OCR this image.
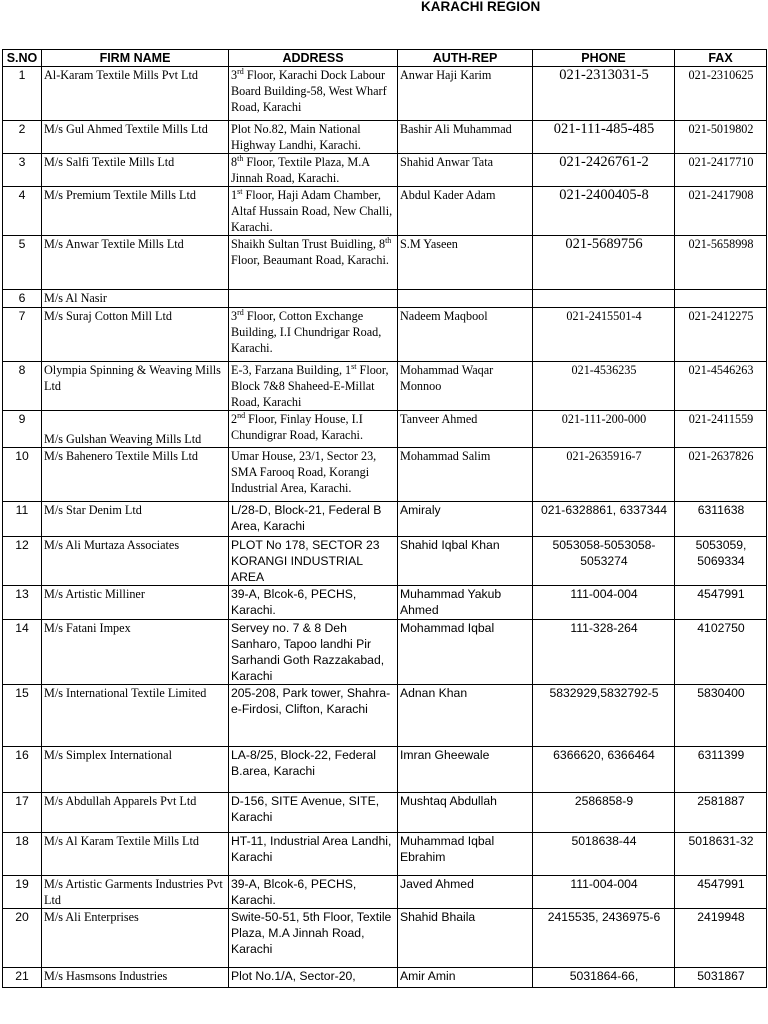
KARACHI REGION
S.NO	FIRM NAME	ADDRESS	AUTH-REP	PHONE	FAX
1	Al-Karam Textile Mills Pvt Ltd	3rd Floor, Karachi Dock Labour Board Building-58, West Wharf Road, Karachi	Anwar Haji Karim	021-2313031-5	021-2310625
2	M/s Gul Ahmed Textile Mills Ltd	Plot No.82, Main National Highway Landhi, Karachi.	Bashir Ali Muhammad	021-111-485-485	021-5019802
3	M/s Salfi Textile Mills Ltd	8th Floor, Textile Plaza, M.A Jinnah Road, Karachi.	Shahid Anwar Tata	021-2426761-2	021-2417710
4	M/s Premium Textile Mills Ltd	1st Floor, Haji Adam Chamber, Altaf Hussain Road, New Challi, Karachi.	Abdul Kader Adam	021-2400405-8	021-2417908
5	M/s Anwar Textile Mills Ltd	Shaikh Sultan Trust Buidling, 8th Floor, Beaumant Road, Karachi.	S.M Yaseen	021-5689756	021-5658998
6	M/s Al Nasir				
7	M/s Suraj Cotton Mill Ltd	3rd Floor, Cotton Exchange Building, I.I Chundrigar Road, Karachi.	Nadeem Maqbool	021-2415501-4	021-2412275
8	Olympia Spinning & Weaving Mills Ltd	E-3, Farzana Building, 1st Floor, Block 7&8 Shaheed-E-Millat Road, Karachi	Mohammad Waqar Monnoo	021-4536235	021-4546263
9	M/s Gulshan Weaving Mills Ltd	2nd Floor, Finlay House, I.I Chundigrar Road, Karachi.	Tanveer Ahmed	021-111-200-000	021-2411559
10	M/s Bahenero Textile Mills Ltd	Umar House, 23/1, Sector 23, SMA Farooq Road, Korangi Industrial Area, Karachi.	Mohammad Salim	021-2635916-7	021-2637826
11	M/s Star Denim Ltd	L/28-D, Block-21, Federal B Area, Karachi	Amiraly	021-6328861, 6337344	6311638
12	M/s Ali Murtaza Associates	PLOT No 178, SECTOR 23 KORANGI INDUSTRIAL AREA	Shahid Iqbal Khan	5053058-5053058-5053274	5053059, 5069334
13	M/s Artistic Milliner	39-A, Blcok-6, PECHS, Karachi.	Muhammad Yakub Ahmed	111-004-004	4547991
14	M/s Fatani Impex	Servey no. 7 & 8 Deh Sanharo, Tapoo landhi Pir Sarhandi Goth Razzakabad, Karachi	Mohammad Iqbal	111-328-264	4102750
15	M/s International Textile Limited	205-208, Park tower, Shahra-e-Firdosi, Clifton, Karachi	Adnan Khan	5832929,5832792-5	5830400
16	M/s Simplex International	LA-8/25, Block-22, Federal B.area, Karachi	Imran Gheewale	6366620, 6366464	6311399
17	M/s Abdullah Apparels Pvt Ltd	D-156, SITE Avenue, SITE, Karachi	Mushtaq Abdullah	2586858-9	2581887
18	M/s Al Karam Textile Mills Ltd	HT-11, Industrial Area Landhi, Karachi	Muhammad Iqbal Ebrahim	5018638-44	5018631-32
19	M/s Artistic Garments Industries Pvt Ltd	39-A, Blcok-6, PECHS, Karachi.	Javed Ahmed	111-004-004	4547991
20	M/s Ali Enterprises	Swite-50-51, 5th Floor, Textile Plaza, M.A Jinnah Road, Karachi	Shahid Bhaila	2415535, 2436975-6	2419948
21	M/s Hasmsons Industries	Plot No.1/A, Sector-20,	Amir Amin	5031864-66,	5031867
